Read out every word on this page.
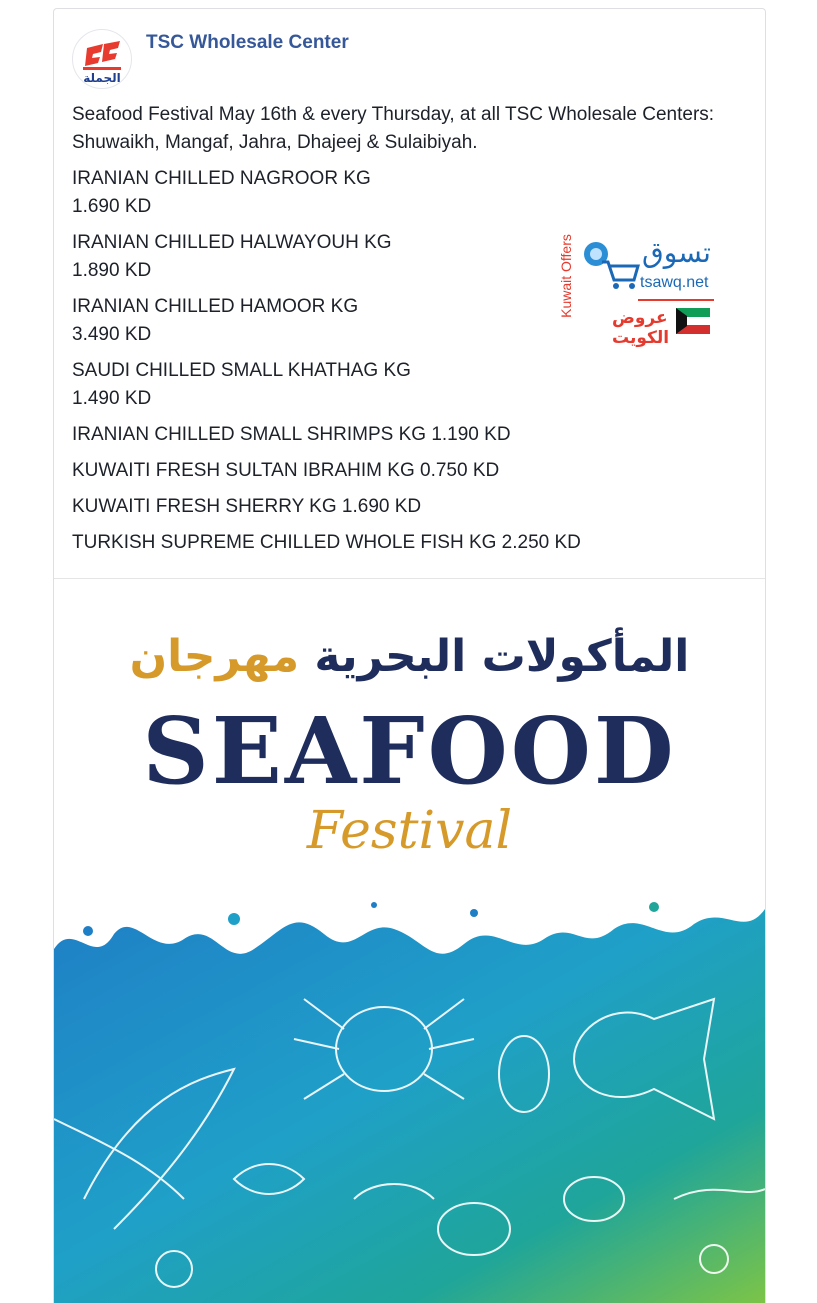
الجملة
TSC Wholesale Center

Seafood Festival May 16th & every Thursday, at all TSC Wholesale Centers: Shuwaikh, Mangaf, Jahra, Dhajeej & Sulaibiyah.

IRANIAN CHILLED NAGROOR KG
1.690 KD

IRANIAN CHILLED HALWAYOUH KG
1.890 KD

IRANIAN CHILLED HAMOOR KG
3.490 KD

SAUDI CHILLED SMALL KHATHAG KG
1.490 KD

IRANIAN CHILLED SMALL SHRIMPS KG 1.190 KD

KUWAITI FRESH SULTAN IBRAHIM KG 0.750 KD

KUWAITI FRESH SHERRY KG 1.690 KD

TURKISH SUPREME CHILLED WHOLE FISH KG 2.250 KD

Kuwait Offers تسوق
tsawq.net
عروض الكويت
المأكولات البحرية مهرجان
SEAFOOD
Festival
